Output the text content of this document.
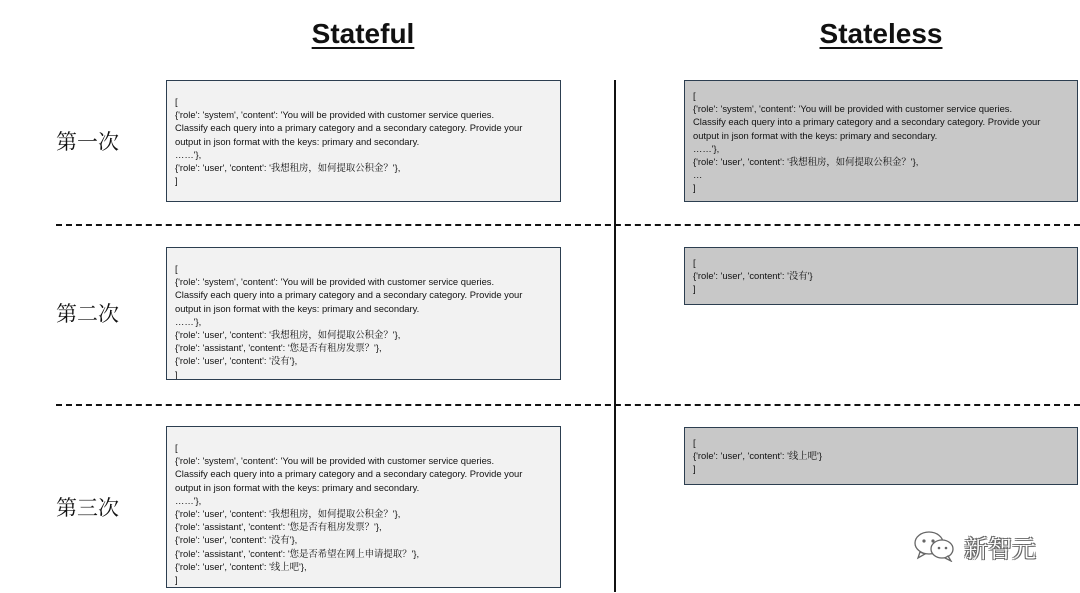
Stateful	Stateless
第一次
第二次
第三次
[
{'role': 'system', 'content': 'You will be provided with customer service queries.
Classify each query into a primary category and a secondary category. Provide your
output in json format with the keys: primary and secondary.
……'},
{'role': 'user', 'content': '我想租房，如何提取公积金？'},
]
[
{'role': 'system', 'content': 'You will be provided with customer service queries.
Classify each query into a primary category and a secondary category. Provide your
output in json format with the keys: primary and secondary.
……'},
{'role': 'user', 'content': '我想租房，如何提取公积金？'},
{'role': 'assistant', 'content': '您是否有租房发票？'},
{'role': 'user', 'content': '没有'},
]
[
{'role': 'system', 'content': 'You will be provided with customer service queries.
Classify each query into a primary category and a secondary category. Provide your
output in json format with the keys: primary and secondary.
……'},
{'role': 'user', 'content': '我想租房，如何提取公积金？'},
{'role': 'assistant', 'content': '您是否有租房发票？'},
{'role': 'user', 'content': '没有'},
{'role': 'assistant', 'content': '您是否希望在网上申请提取？'},
{'role': 'user', 'content': '线上吧'},
]
[
{'role': 'system', 'content': 'You will be provided with customer service queries.
Classify each query into a primary category and a secondary category. Provide your
output in json format with the keys: primary and secondary.
……'},
{'role': 'user', 'content': '我想租房，如何提取公积金？'},
…
]
[
{'role': 'user', 'content': '没有'}
]
[
{'role': 'user', 'content': '线上吧'}
]
新智元
